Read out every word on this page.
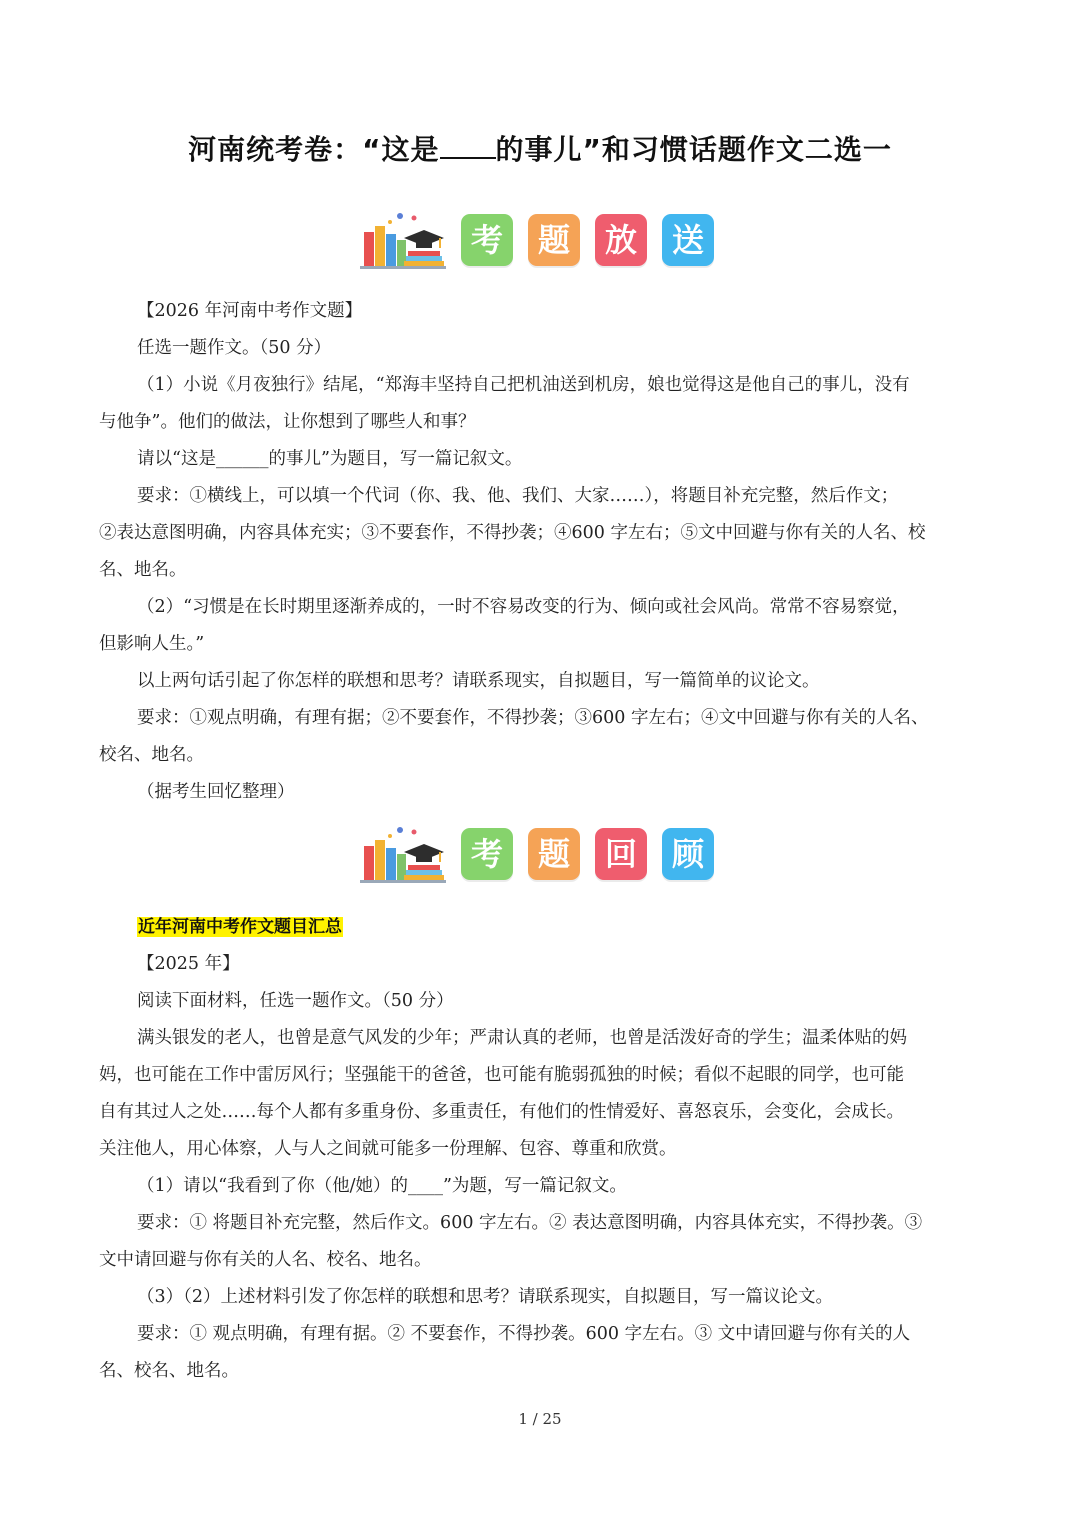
河南统考卷：“这是 的事儿”和习惯话题作文二选一
考	题	放	送
【2026 年河南中考作文题】
任选一题作文。（50 分）
（1）小说《月夜独行》结尾，“郑海丰坚持自己把机油送到机房，娘也觉得这是他自己的事儿，没有
与他争”。他们的做法，让你想到了哪些人和事？
请以“这是______的事儿”为题目，写一篇记叙文。
要求：①横线上，可以填一个代词（你、我、他、我们、大家……），将题目补充完整，然后作文；
②表达意图明确，内容具体充实；③不要套作，不得抄袭；④600 字左右；⑤文中回避与你有关的人名、校
名、地名。
（2）“习惯是在长时期里逐渐养成的，一时不容易改变的行为、倾向或社会风尚。常常不容易察觉，
但影响人生。”
以上两句话引起了你怎样的联想和思考？请联系现实，自拟题目，写一篇简单的议论文。
要求：①观点明确，有理有据；②不要套作，不得抄袭；③600 字左右；④文中回避与你有关的人名、
校名、地名。
（据考生回忆整理）
考	题	回	顾
近年河南中考作文题目汇总
【2025 年】
阅读下面材料，任选一题作文。（50 分）
满头银发的老人，也曾是意气风发的少年；严肃认真的老师，也曾是活泼好奇的学生；温柔体贴的妈
妈，也可能在工作中雷厉风行；坚强能干的爸爸，也可能有脆弱孤独的时候；看似不起眼的同学，也可能
自有其过人之处……每个人都有多重身份、多重责任，有他们的性情爱好、喜怒哀乐，会变化，会成长。
关注他人，用心体察，人与人之间就可能多一份理解、包容、尊重和欣赏。
（1）请以“我看到了你（他/她）的____”为题，写一篇记叙文。
要求：① 将题目补充完整，然后作文。600 字左右。② 表达意图明确，内容具体充实，不得抄袭。③
文中请回避与你有关的人名、校名、地名。
（3）（2）上述材料引发了你怎样的联想和思考？请联系现实，自拟题目，写一篇议论文。
要求：① 观点明确，有理有据。② 不要套作，不得抄袭。600 字左右。③ 文中请回避与你有关的人
名、校名、地名。
1 / 25
